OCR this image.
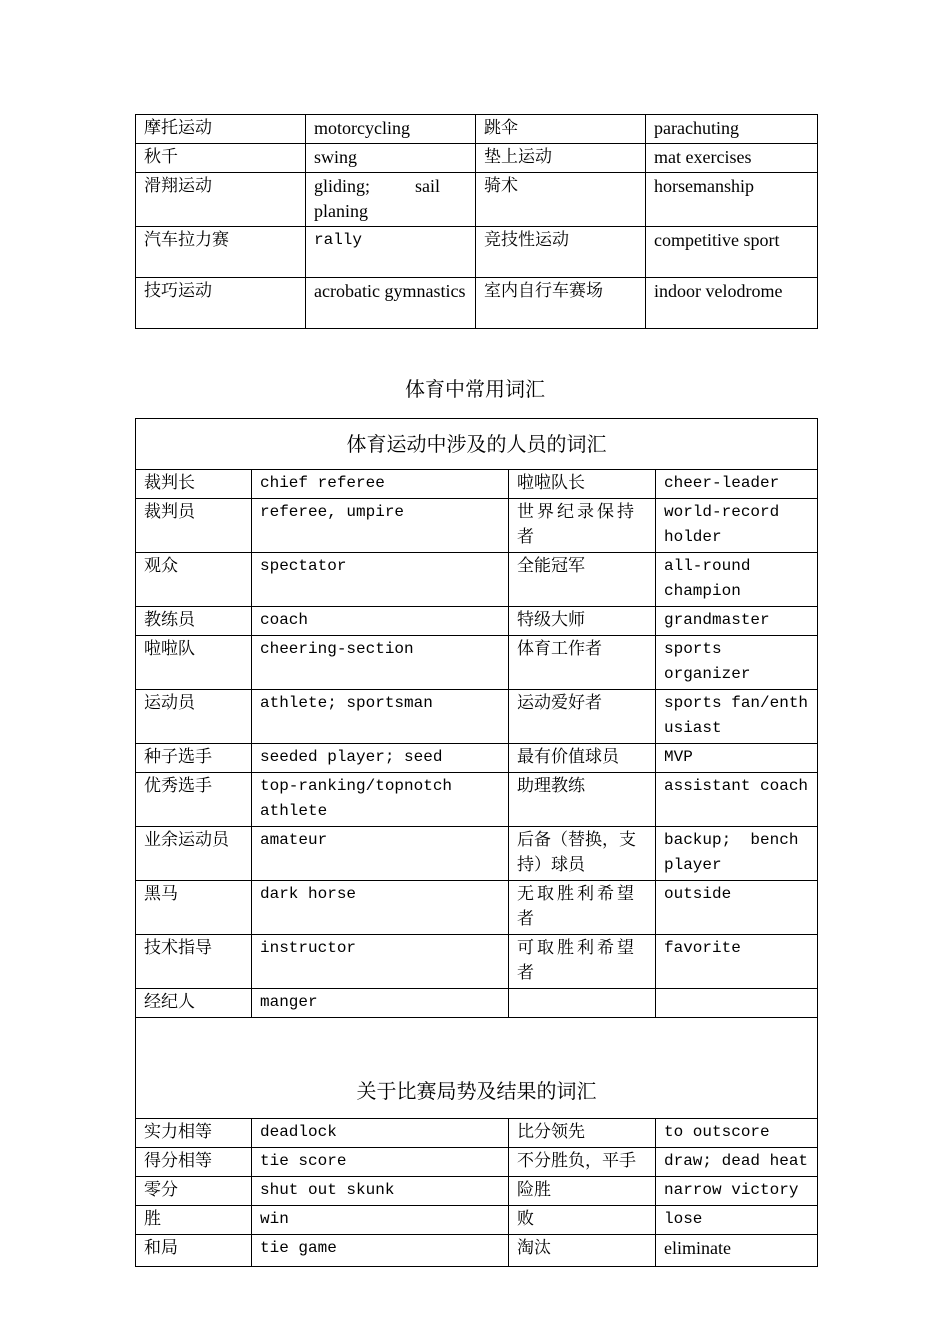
摩托运动	motorcycling	跳伞	parachuting
秋千	swing	垫上运动	mat exercises
滑翔运动	gliding;          sail planing	骑术	horsemanship
汽车拉力赛	rally	竞技性运动	competitive sport
技巧运动	acrobatic gymnastics	室内自行车赛场	indoor velodrome
体育中常用词汇
体育运动中涉及的人员的词汇			
裁判长	chief referee	啦啦队长	cheer-leader
裁判员	referee, umpire	世界纪录保持者	world-record holder
观众	spectator	全能冠军	all-round champion
教练员	coach	特级大师	grandmaster
啦啦队	cheering-section	体育工作者	sports organizer
运动员	athlete; sportsman	运动爱好者	sports fan/enthusiast
种子选手	seeded player; seed	最有价值球员	MVP
优秀选手	top-ranking/topnotch athlete	助理教练	assistant coach
业余运动员	amateur	后备（替换，支持）球员	backup;  bench player
黑马	dark horse	无取胜利希望者	outside
技术指导	instructor	可取胜利希望者	favorite
经纪人	manger		
关于比赛局势及结果的词汇			
实力相等	deadlock	比分领先	to outscore
得分相等	tie score	不分胜负，平手	draw; dead heat
零分	shut out skunk	险胜	narrow victory
胜	win	败	lose
和局	tie game	淘汰	eliminate
